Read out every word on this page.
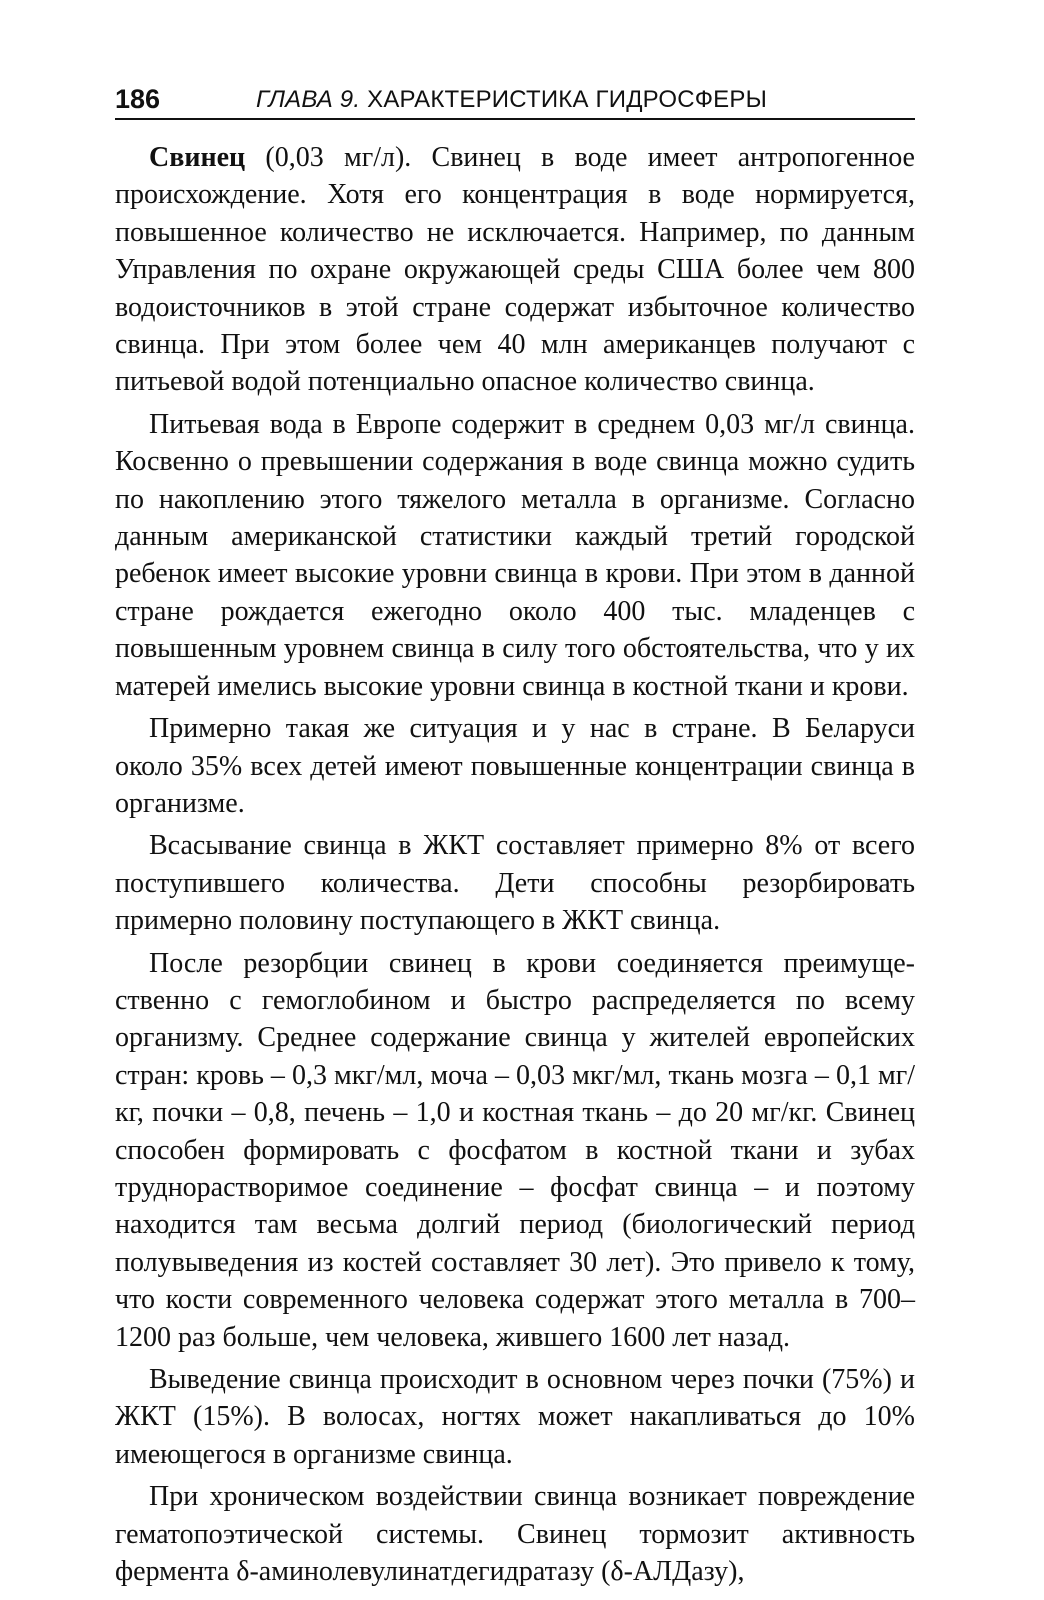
186	ГЛАВА 9. ХАРАКТЕРИСТИКА ГИДРОСФЕРЫ

Свинец (0,03 мг/л). Свинец в воде имеет антропогенное происхождение. Хотя его концентрация в воде нормируется, повышенное количество не исключается. Например, по данным Управления по охране окружающей среды США более чем 800 водоисточников в этой стране содержат избыточное количество свинца. При этом более чем 40 млн американцев получают с питьевой водой потенциально опасное количество свинца.

Питьевая вода в Европе содержит в среднем 0,03 мг/л свинца. Косвенно о превышении содержания в воде свинца можно судить по накоплению этого тяжелого металла в организме. Согласно данным американской статистики каждый третий городской ребенок имеет высокие уровни свинца в крови. При этом в данной стране рождается ежегодно около 400 тыс. младенцев с повышенным уровнем свинца в силу того обстоятельства, что у их матерей имелись высокие уровни свинца в костной ткани и крови.

Примерно такая же ситуация и у нас в стране. В Беларуси около 35% всех детей имеют повышенные концентрации свинца в организме.

Всасывание свинца в ЖКТ составляет примерно 8% от всего поступившего количества. Дети способны резорбировать примерно половину поступающего в ЖКТ свинца.

После резорбции свинец в крови соединяется преимущественно с гемоглобином и быстро распределяется по всему организму. Среднее содержание свинца у жителей европейских стран: кровь – 0,3 мкг/мл, моча – 0,03 мкг/мл, ткань мозга – 0,1 мг/кг, почки – 0,8, печень – 1,0 и костная ткань – до 20 мг/кг. Свинец способен формировать с фосфатом в костной ткани и зубах труднорастворимое соединение – фосфат свинца – и поэтому находится там весьма долгий период (биологический период полувыведения из костей составляет 30 лет). Это привело к тому, что кости современного человека содержат этого металла в 700–1200 раз больше, чем человека, жившего 1600 лет назад.

Выведение свинца происходит в основном через почки (75%) и ЖКТ (15%). В волосах, ногтях может накапливаться до 10% имеющегося в организме свинца.

При хроническом воздействии свинца возникает повреждение гематопоэтической системы. Свинец тормозит активность фермента δ-аминолевулинатдегидратазу (δ-АЛДазу),
